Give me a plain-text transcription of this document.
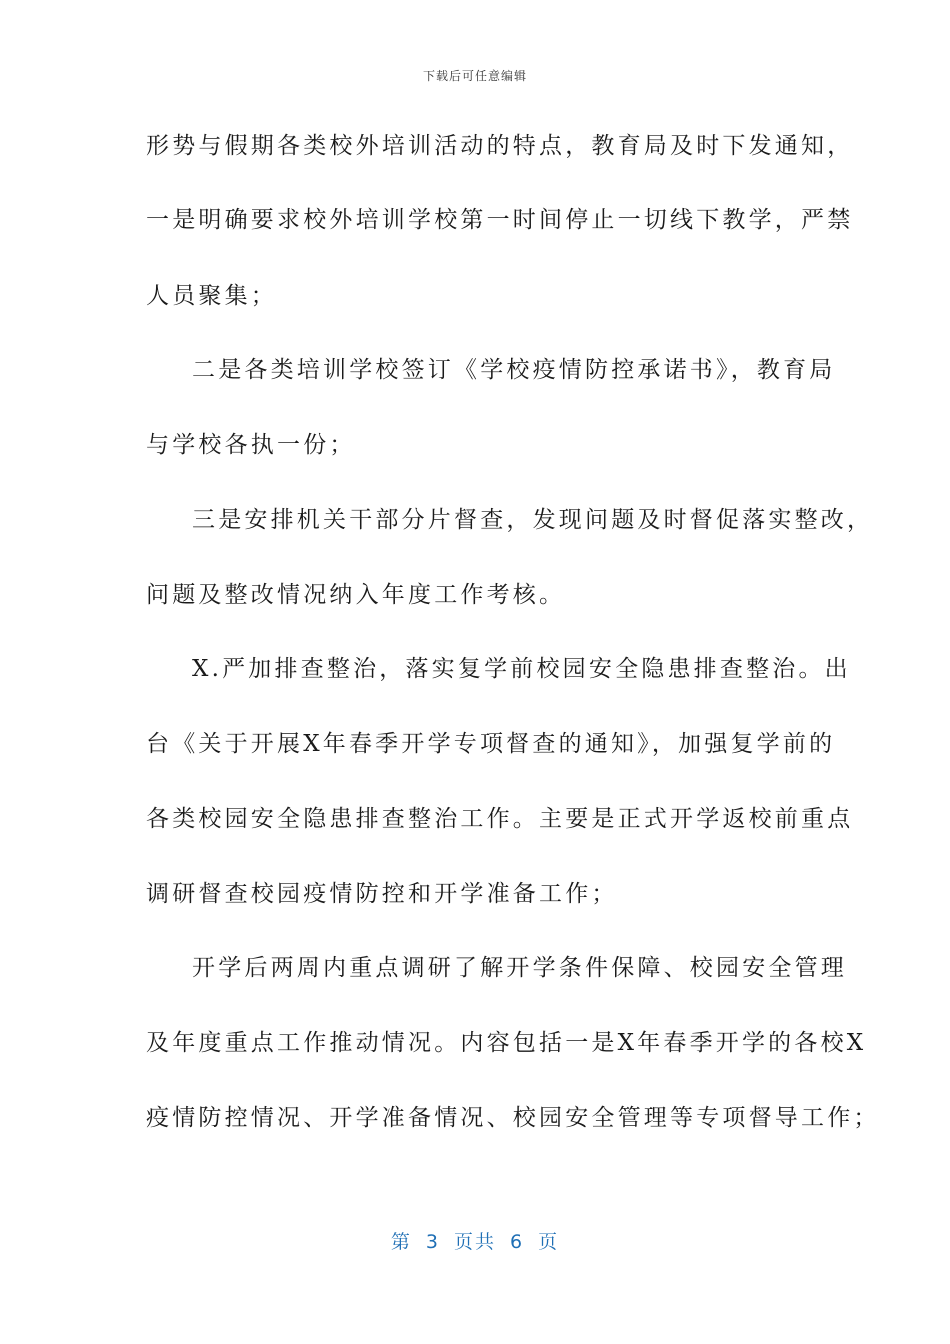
下载后可任意编辑
形势与假期各类校外培训活动的特点，教育局及时下发通知，
一是明确要求校外培训学校第一时间停止一切线下教学，严禁
人员聚集；
二是各类培训学校签订《学校疫情防控承诺书》，教育局
与学校各执一份；
三是安排机关干部分片督查，发现问题及时督促落实整改，
问题及整改情况纳入年度工作考核。
X.严加排查整治，落实复学前校园安全隐患排查整治。出
台《关于开展X年春季开学专项督查的通知》，加强复学前的
各类校园安全隐患排查整治工作。主要是正式开学返校前重点
调研督查校园疫情防控和开学准备工作；
开学后两周内重点调研了解开学条件保障、校园安全管理
及年度重点工作推动情况。内容包括一是X年春季开学的各校X
疫情防控情况、开学准备情况、校园安全管理等专项督导工作；
第 3 页共 6 页
